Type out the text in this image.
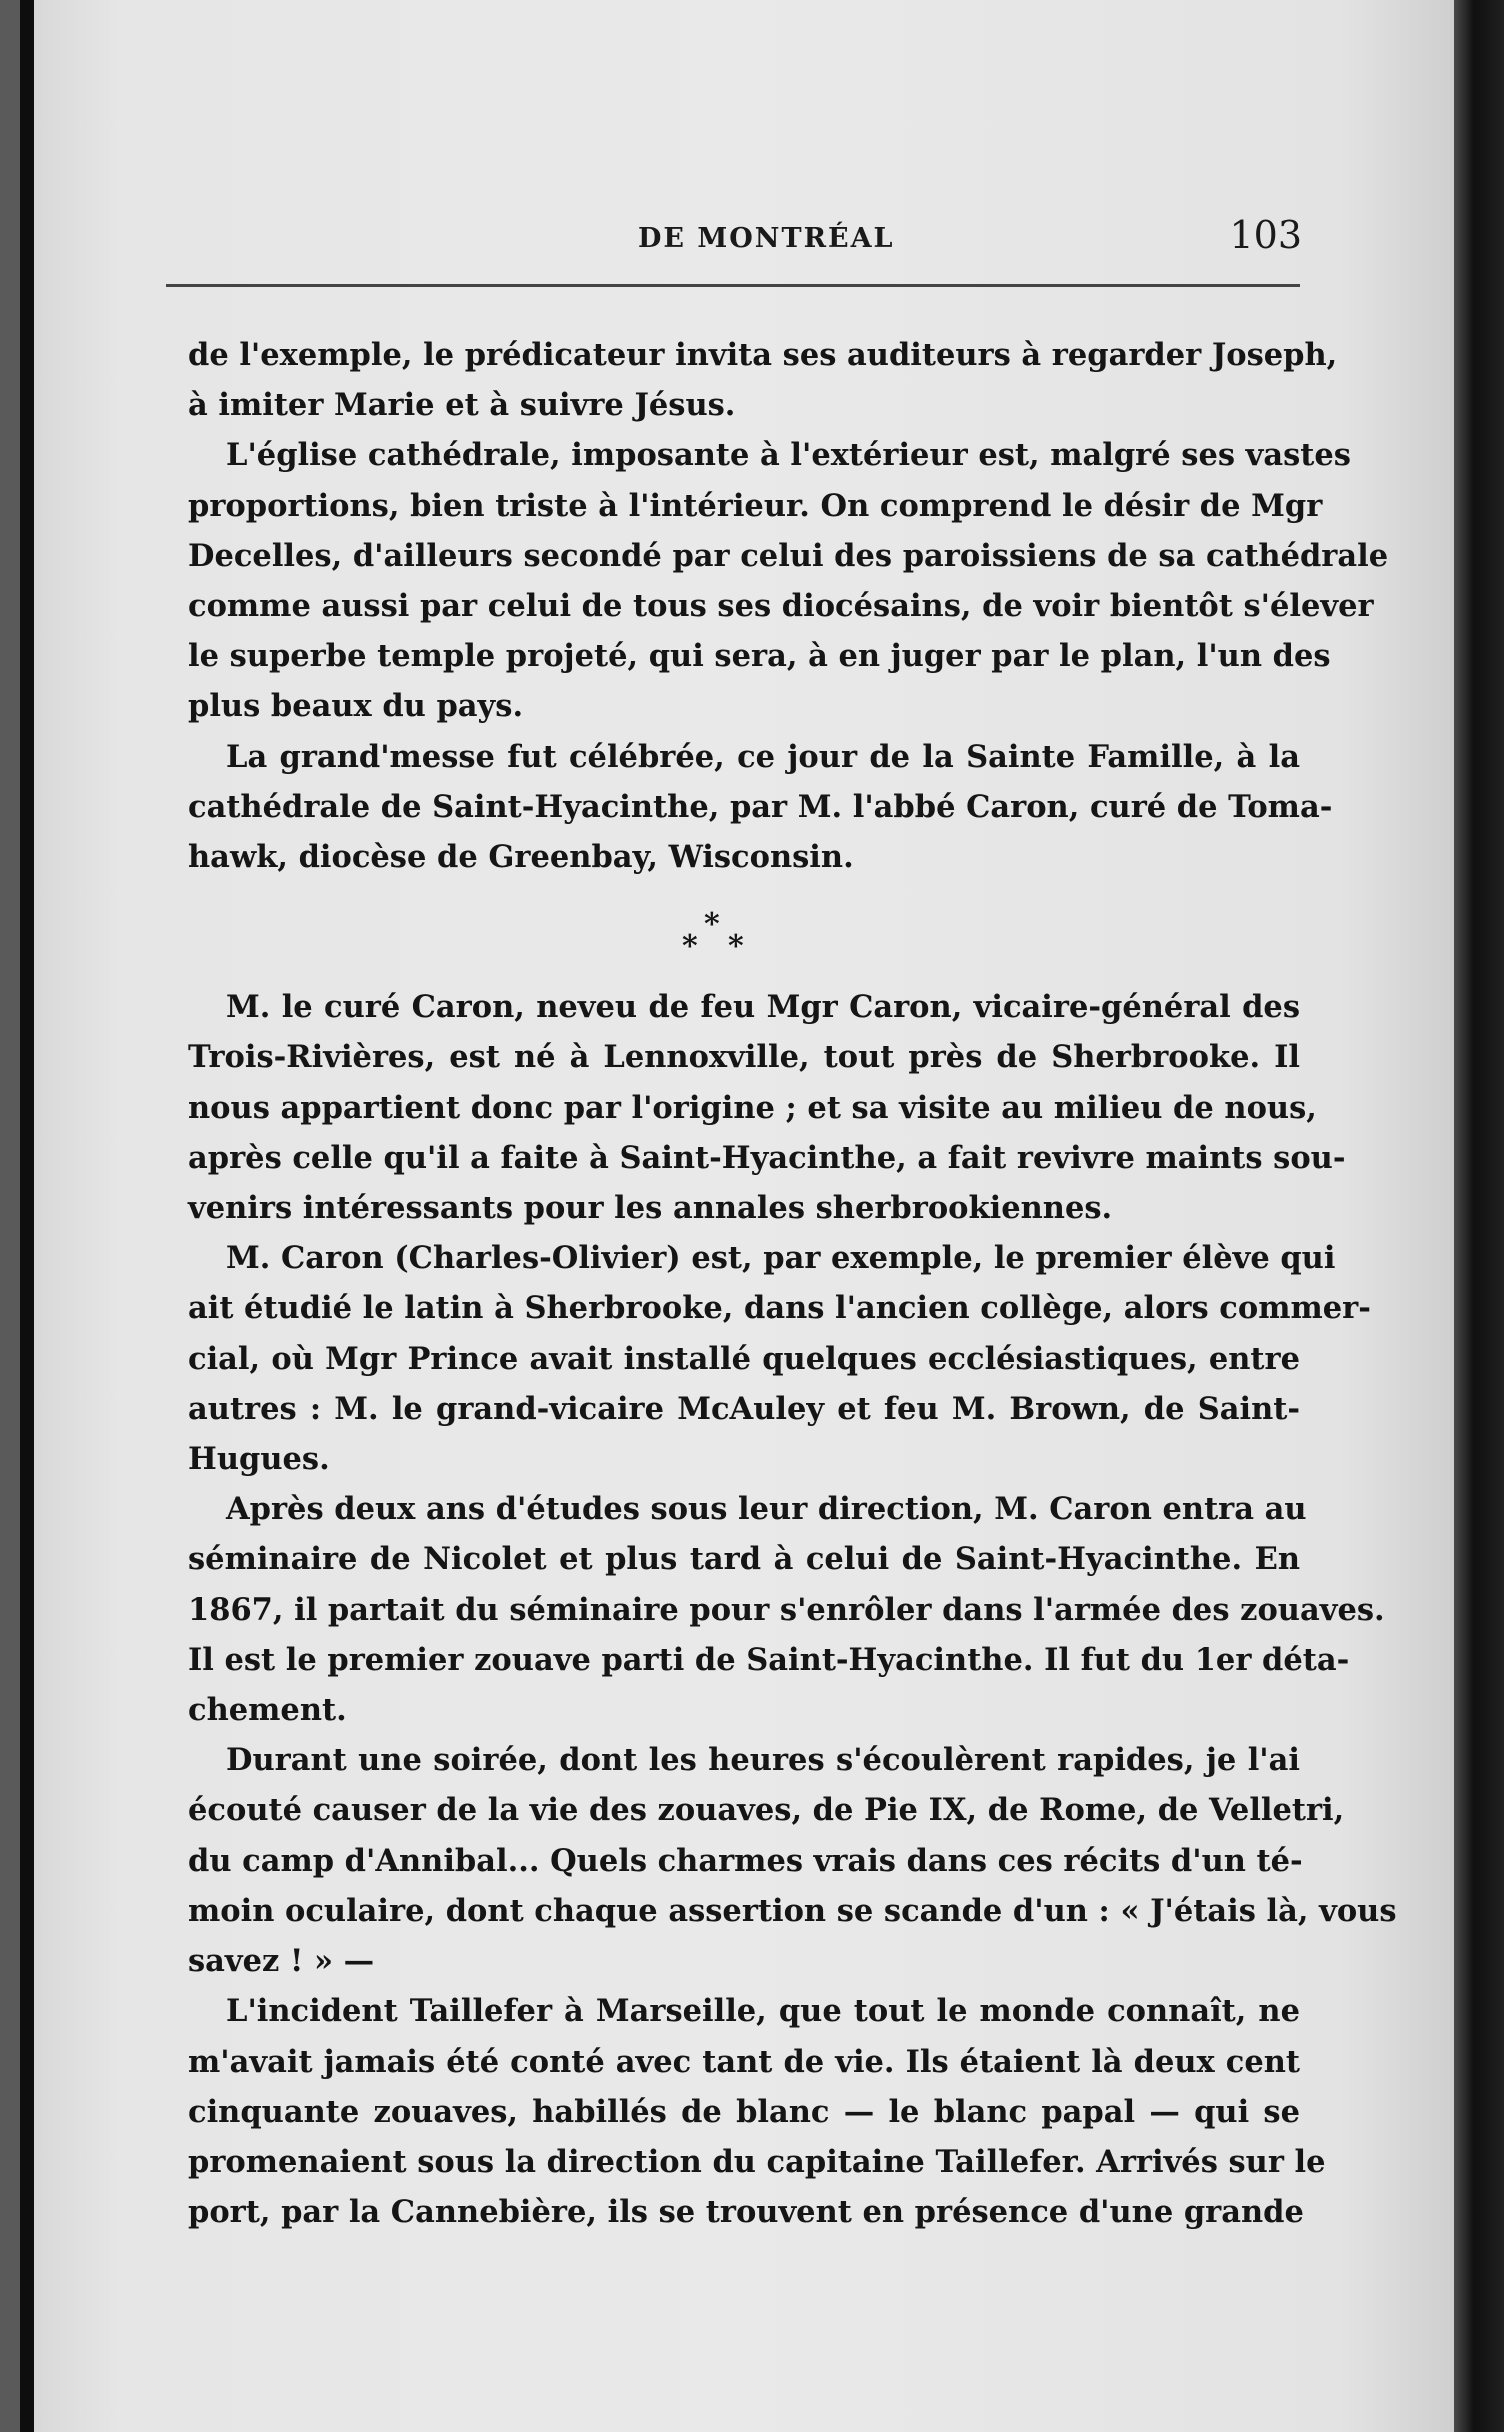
DE MONTRÉAL	103
de l'exemple, le prédicateur invita ses auditeurs à regarder Joseph,
à imiter Marie et à suivre Jésus.
L'église cathédrale, imposante à l'extérieur est, malgré ses vastes
proportions, bien triste à l'intérieur. On comprend le désir de Mgr
Decelles, d'ailleurs secondé par celui des paroissiens de sa cathédrale
comme aussi par celui de tous ses diocésains, de voir bientôt s'élever
le superbe temple projeté, qui sera, à en juger par le plan, l'un des
plus beaux du pays.
La grand'messe fut célébrée, ce jour de la Sainte Famille, à la
cathédrale de Saint-Hyacinthe, par M. l'abbé Caron, curé de Toma-
hawk, diocèse de Greenbay, Wisconsin.
*
* *
M. le curé Caron, neveu de feu Mgr Caron, vicaire-général des
Trois-Rivières, est né à Lennoxville, tout près de Sherbrooke. Il
nous appartient donc par l'origine ; et sa visite au milieu de nous,
après celle qu'il a faite à Saint-Hyacinthe, a fait revivre maints sou-
venirs intéressants pour les annales sherbrookiennes.
M. Caron (Charles-Olivier) est, par exemple, le premier élève qui
ait étudié le latin à Sherbrooke, dans l'ancien collège, alors commer-
cial, où Mgr Prince avait installé quelques ecclésiastiques, entre
autres : M. le grand-vicaire McAuley et feu M. Brown, de Saint-
Hugues.
Après deux ans d'études sous leur direction, M. Caron entra au
séminaire de Nicolet et plus tard à celui de Saint-Hyacinthe. En
1867, il partait du séminaire pour s'enrôler dans l'armée des zouaves.
Il est le premier zouave parti de Saint-Hyacinthe. Il fut du 1er déta-
chement.
Durant une soirée, dont les heures s'écoulèrent rapides, je l'ai
écouté causer de la vie des zouaves, de Pie IX, de Rome, de Velletri,
du camp d'Annibal... Quels charmes vrais dans ces récits d'un té-
moin oculaire, dont chaque assertion se scande d'un : « J'étais là, vous
savez ! » —
L'incident Taillefer à Marseille, que tout le monde connaît, ne
m'avait jamais été conté avec tant de vie. Ils étaient là deux cent
cinquante zouaves, habillés de blanc — le blanc papal — qui se
promenaient sous la direction du capitaine Taillefer. Arrivés sur le
port, par la Cannebière, ils se trouvent en présence d'une grande
